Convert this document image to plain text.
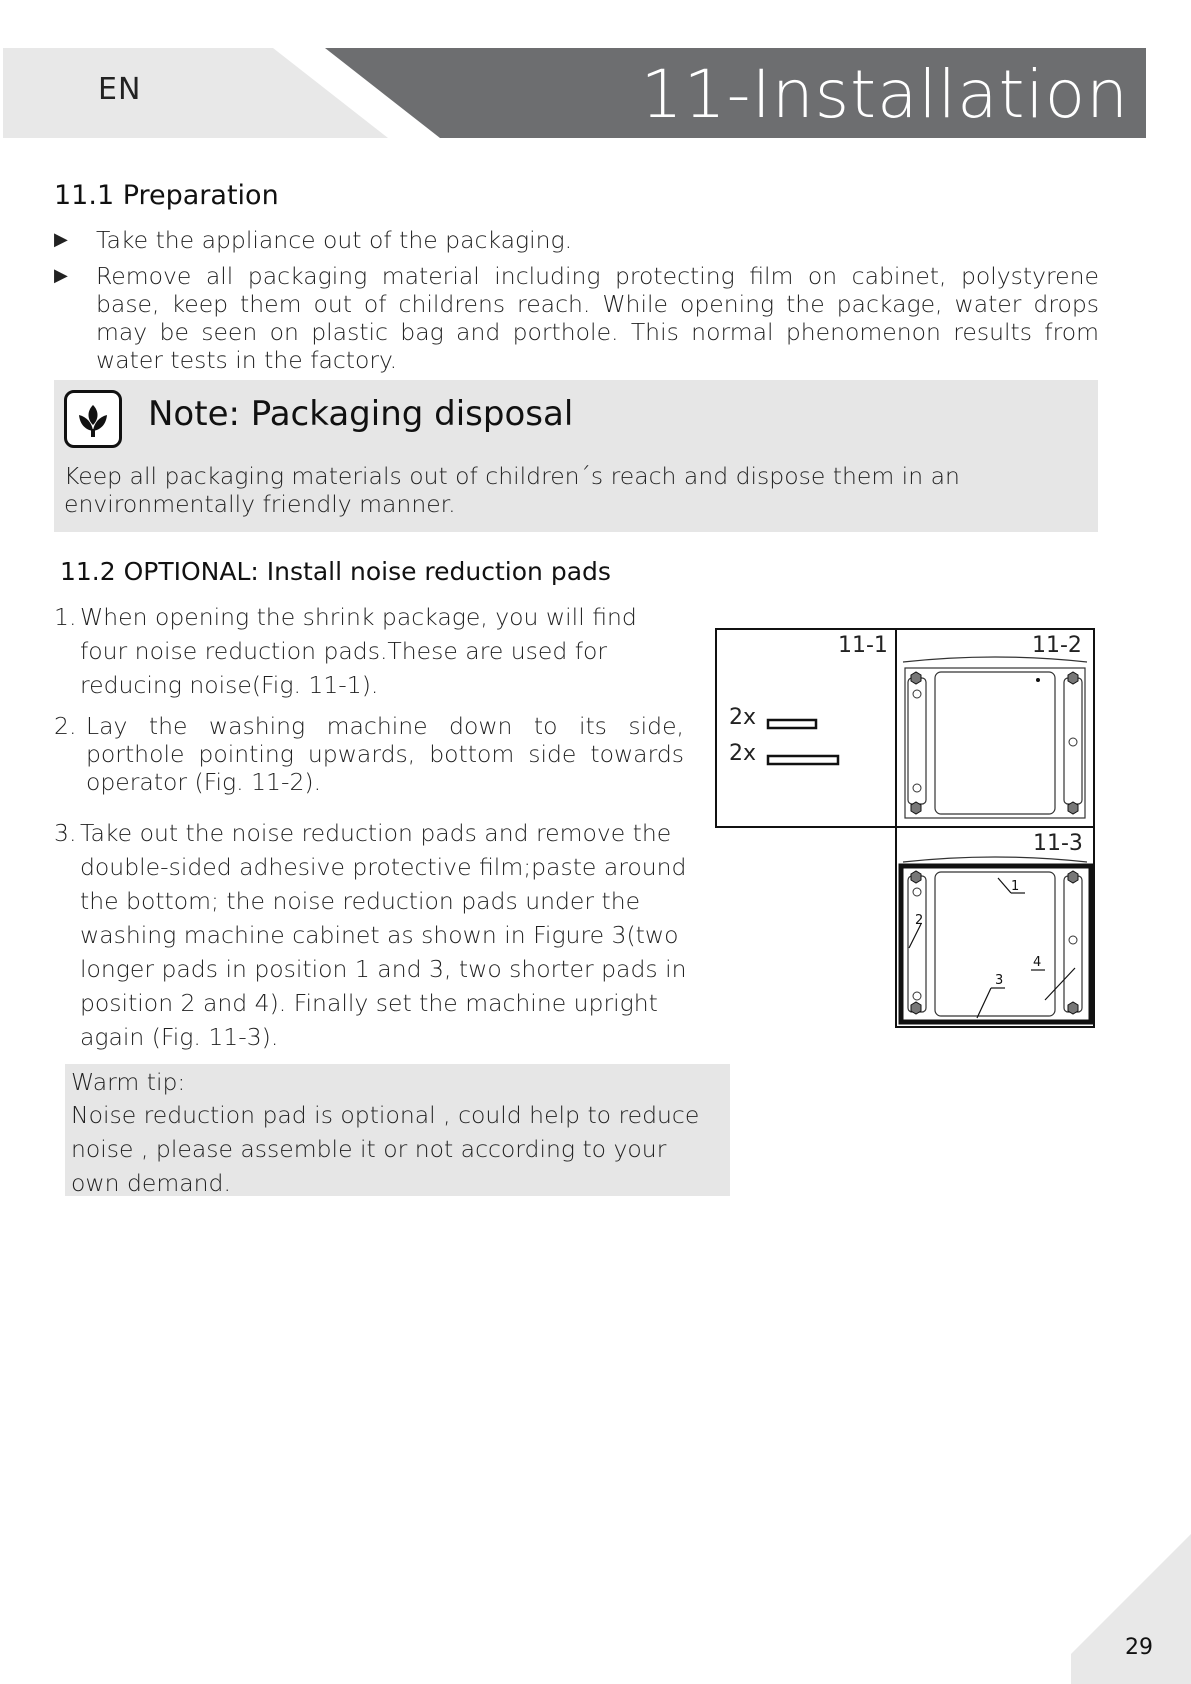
EN	11-Installation
11.1 Preparation
▶ Take the appliance out of the packaging.
▶ Remove all packaging material including protecting film on cabinet, polystyrene base, keep them out of childrens reach. While opening the package, water drops may be seen on plastic bag and porthole. This normal phenomenon results from water tests in the factory.
Note: Packaging disposal
Keep all packaging materials out of children´s reach and dispose them in an environmentally friendly manner.
11.2 OPTIONAL: Install noise reduction pads
1. When opening the shrink package, you will find four noise reduction pads.These are used for reducing noise(Fig. 11-1).
2. Lay the washing machine down to its side, porthole pointing upwards, bottom side towards operator (Fig. 11-2).
3. Take out the noise reduction pads and remove the double-sided adhesive protective film;paste around the bottom; the noise reduction pads under the washing machine cabinet as shown in Figure 3(two longer pads in position 1 and 3, two shorter pads in position 2 and 4). Finally set the machine upright again (Fig. 11-3).
Warm tip:
Noise reduction pad is optional , could help to reduce noise , please assemble it or not according to your own demand.
11-1
2x
2x
11-2
11-3
1
2
3
4
29
